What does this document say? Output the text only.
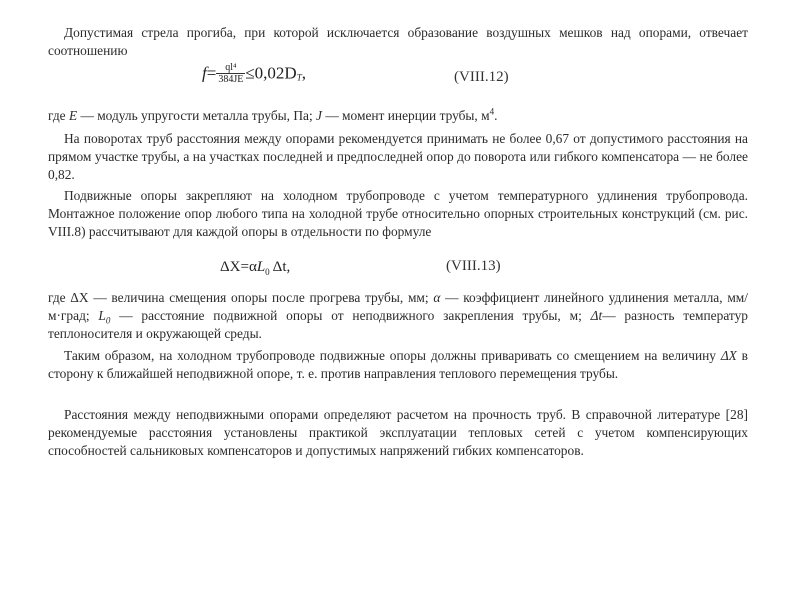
Допустимая стрела прогиба, при которой исключается образование воздушных мешков над опорами, отвечает соотношению

$f= \frac{\text{ql⁴}}{384JE} \le 0,02D_T$,	(VIII.12)

где E — модуль упругости металла трубы, Па; J — момент инерции трубы, $м^4$.

На поворотах труб расстояния между опорами рекомендуется принимать не более 0,67 от допустимого расстояния на прямом участке трубы, а на участках последней и предпоследней опор до поворота или гибкого компенсатора — не более 0,82.

Подвижные опоры закрепляют на холодном трубопроводе с учетом температурного удлинения трубопровода. Монтажное положение опор любого типа на холодной трубе относительно опорных строительных конструкций (см. рис. VIII.8) рассчитывают для каждой опоры в отдельности по формуле

$\Delta X=\alpha L_0$  Δt,	(VIII.13)

где ΔX — величина смещения опоры после прогрева трубы, мм; α — коэффициент линейного удлинения металла, мм/м·град; $L_0$ — расстояние подвижной опоры от неподвижного закрепления трубы, м; Δt— разность температур теплоносителя и окружающей среды.

Таким образом, на холодном трубопроводе подвижные опоры должны приваривать со смещением на величину ΔX в сторону к ближайшей неподвижной опоре, т. е. против направления теплового перемещения трубы.

Расстояния между неподвижными опорами определяют расчетом на прочность труб. В справочной литературе [28] рекомендуемые расстояния установлены практикой эксплуатации тепловых сетей с учетом компенсирующих способностей сальниковых компенсаторов и допустимых напряжений гибких компенсаторов.
